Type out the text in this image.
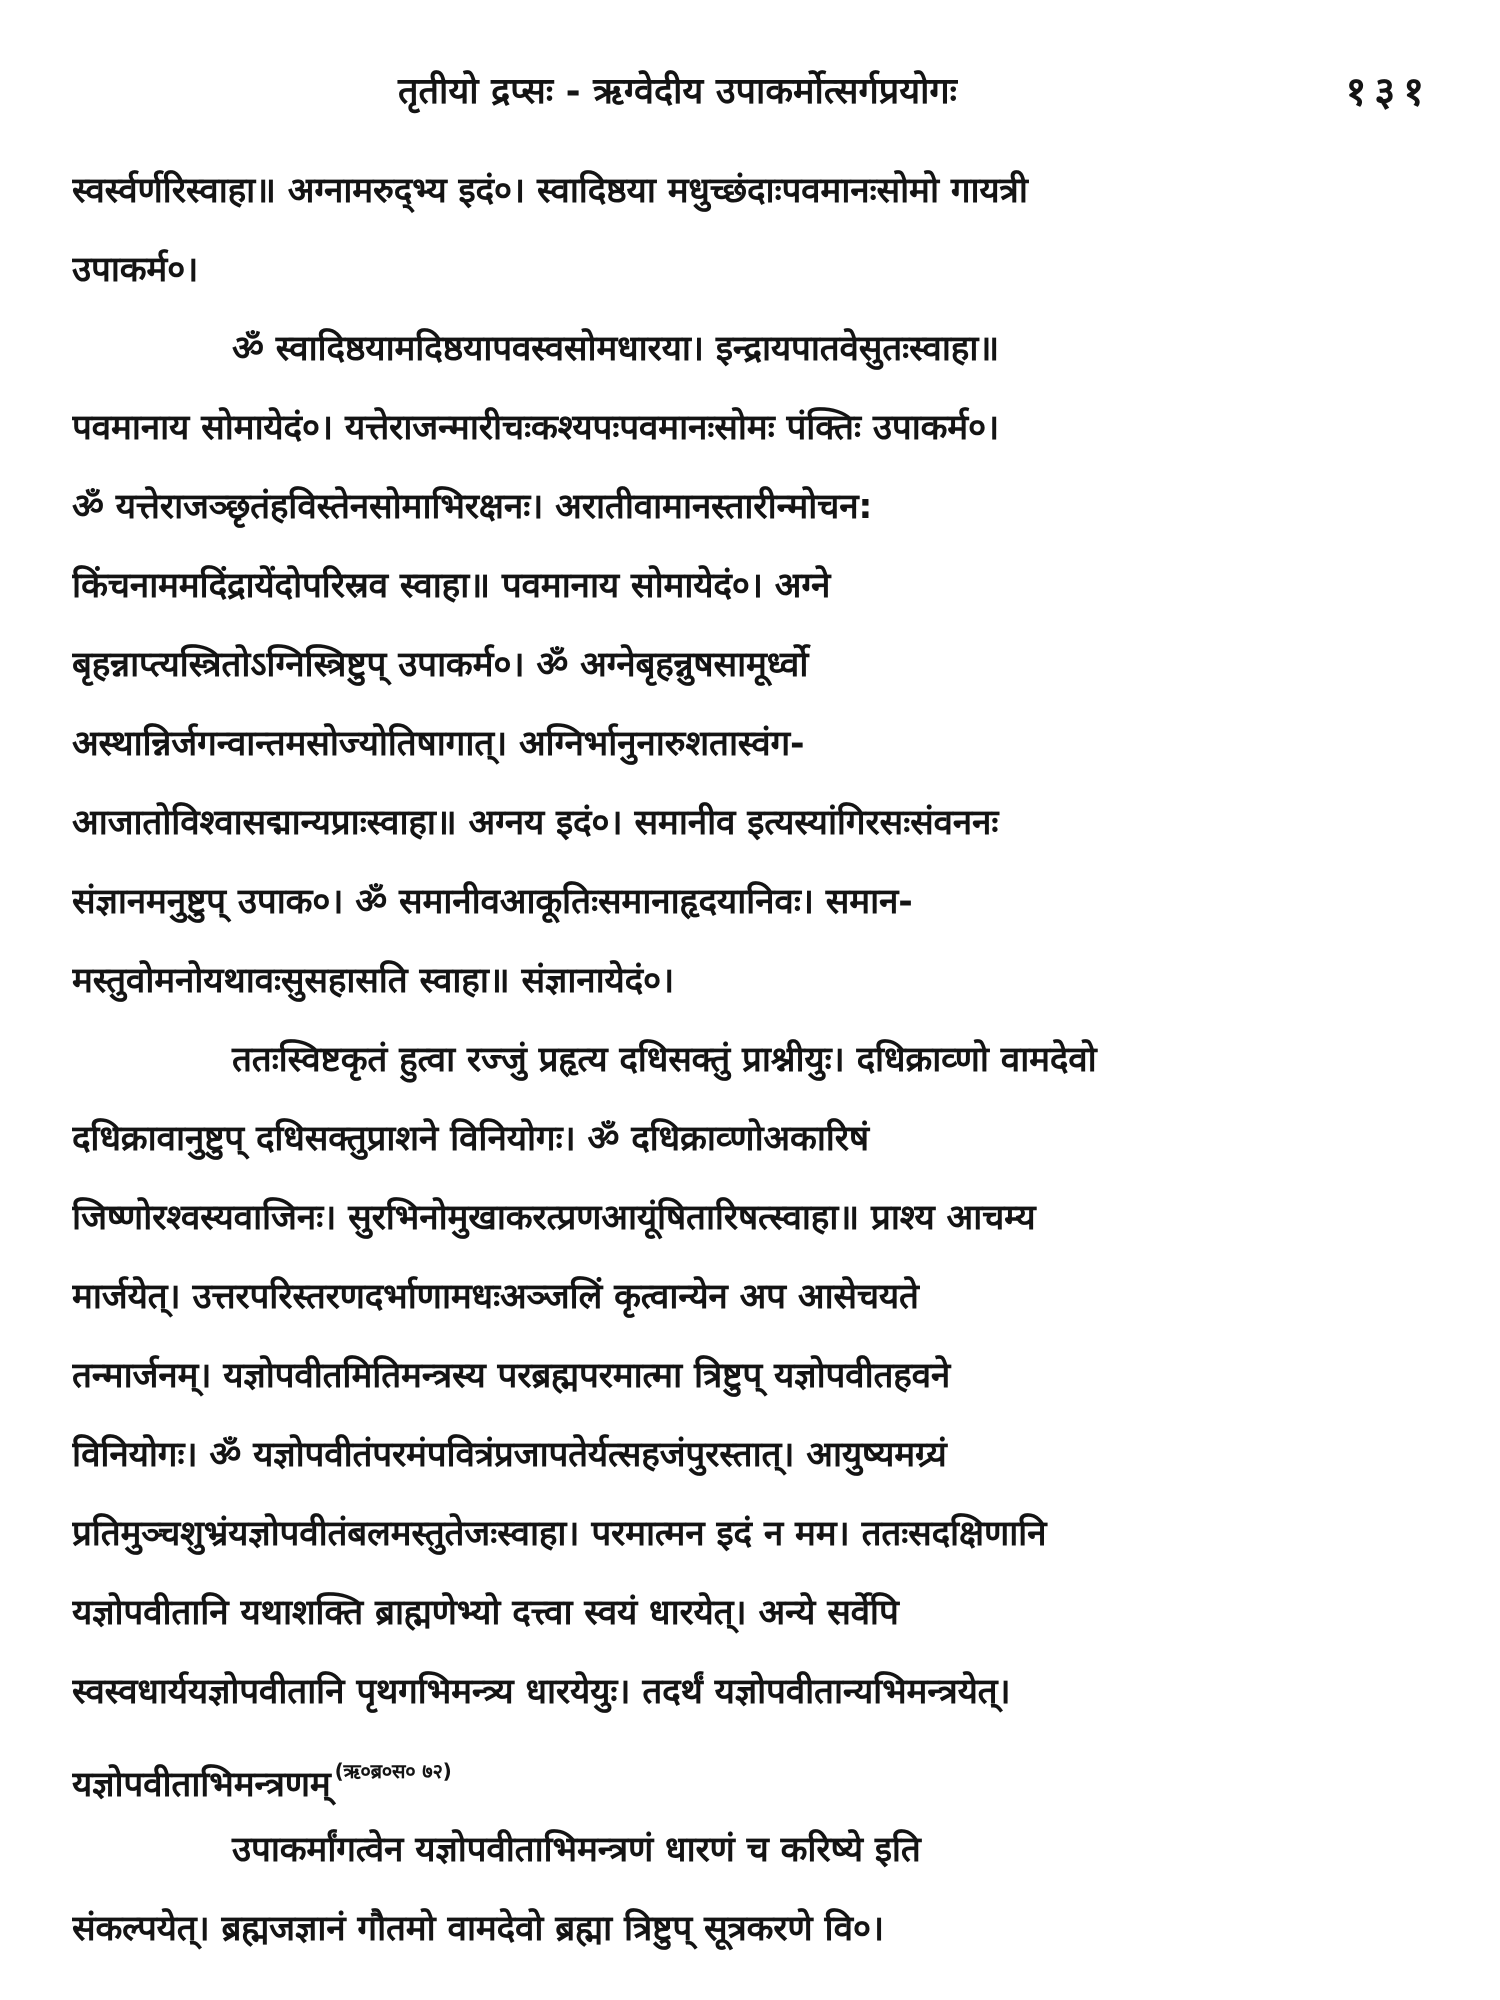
तृतीयो द्रप्सः - ऋग्वेदीय उपाकर्मोत्सर्गप्रयोगः	१३१
स्वर्स्वर्णरिस्वाहा॥ अग्नामरुद्भ्य इदं०। स्वादिष्ठया मधुच्छंदाःपवमानःसोमो गायत्री
उपाकर्म०।
ॐ स्वादिष्ठयामदिष्ठयापवस्वसोमधारया। इन्द्रायपातवेसुतःस्वाहा॥
पवमानाय सोमायेदं०। यत्तेराजन्मारीचःकश्यपःपवमानःसोमः पंक्तिः उपाकर्म०।
ॐ यत्तेराजञ्छृतंहविस्तेनसोमाभिरक्षनः। अरातीवामानस्तारीन्मोचन:
किंचनाममदिंद्रायेंदोपरिस्रव स्वाहा॥ पवमानाय सोमायेदं०। अग्ने
बृहन्नाप्त्यस्त्रितोऽग्निस्त्रिष्टुप् उपाकर्म०। ॐ अग्नेबृहन्नुषसामूर्ध्वो
अस्थान्निर्जगन्वान्तमसोज्योतिषागात्। अग्निर्भानुनारुशतास्वंग-
आजातोविश्वासद्मान्यप्राःस्वाहा॥ अग्नय इदं०। समानीव इत्यस्यांगिरसःसंवननः
संज्ञानमनुष्टुप् उपाक०। ॐ समानीवआकूतिःसमानाहृदयानिवः। समान-
मस्तुवोमनोयथावःसुसहासति स्वाहा॥ संज्ञानायेदं०।
ततःस्विष्टकृतं हुत्वा रज्जुं प्रहृत्य दधिसक्तुं प्राश्नीयुः। दधिक्राव्णो वामदेवो
दधिक्रावानुष्टुप् दधिसक्तुप्राशने विनियोगः। ॐ दधिक्राव्णोअकारिषं
जिष्णोरश्वस्यवाजिनः। सुरभिनोमुखाकरत्प्रणआयूंषितारिषत्स्वाहा॥ प्राश्य आचम्य
मार्जयेत्। उत्तरपरिस्तरणदर्भाणामधःअञ्जलिं कृत्वान्येन अप आसेचयते
तन्मार्जनम्। यज्ञोपवीतमितिमन्त्रस्य परब्रह्मपरमात्मा त्रिष्टुप् यज्ञोपवीतहवने
विनियोगः। ॐ यज्ञोपवीतंपरमंपवित्रंप्रजापतेर्यत्सहजंपुरस्तात्। आयुष्यमग्र्यं
प्रतिमुञ्चशुभ्रंयज्ञोपवीतंबलमस्तुतेजःस्वाहा। परमात्मन इदं न मम। ततःसदक्षिणानि
यज्ञोपवीतानि यथाशक्ति ब्राह्मणेभ्यो दत्त्वा स्वयं धारयेत्। अन्ये सर्वेपि
स्वस्वधार्ययज्ञोपवीतानि पृथगभिमन्त्र्य धारयेयुः। तदर्थं यज्ञोपवीतान्यभिमन्त्रयेत्।
यज्ञोपवीताभिमन्त्रणम् $^{(ऋ०ब्र०स० ७२)}$
उपाकर्मांगत्वेन यज्ञोपवीताभिमन्त्रणं धारणं च करिष्ये इति
संकल्पयेत्। ब्रह्मजज्ञानं गौतमो वामदेवो ब्रह्मा त्रिष्टुप् सूत्रकरणे वि०।
